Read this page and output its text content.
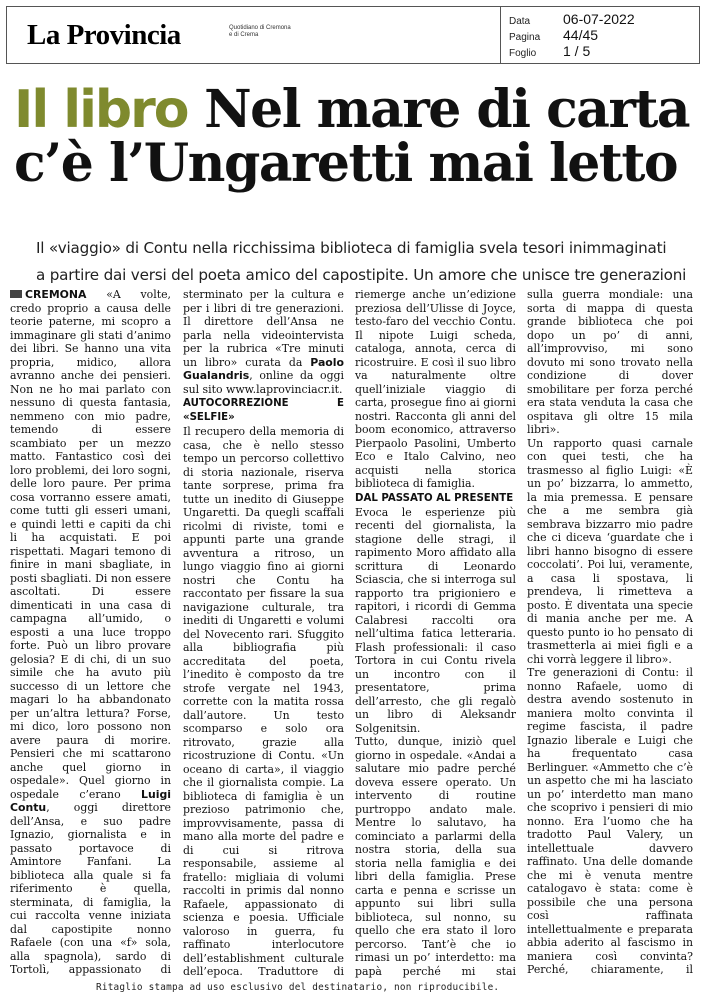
La Provincia	Quotidiano di Cremona
e di Crema
Data	06-07-2022
Pagina	44/45
Foglio	1 / 5
Il libro Nel mare di carta
c’è l’Ungaretti mai letto
Il «viaggio» di Contu nella ricchissima biblioteca di famiglia svela tesori inimmaginati
a partire dai versi del poeta amico del capostipite. Un amore che unisce tre generazioni

CREMONA «A volte, credo proprio a causa delle teorie paterne, mi scopro a immaginare gli stati d’animo dei libri. Se hanno una vita propria, midico, allora avranno anche dei pensieri. Non ne ho mai parlato con nessuno di questa fantasia, nemmeno con mio padre, temendo di essere scambiato per un mezzo matto. Fantastico così dei loro problemi, dei loro sogni, delle loro paure. Per prima cosa vorranno essere amati, come tutti gli esseri umani, e quindi letti e capiti da chi li ha acquistati. E poi rispettati. Magari temono di finire in mani sbagliate, in posti sbagliati. Di non essere ascoltati. Di essere dimenticati in una casa di campagna all’umido, o esposti a una luce troppo forte. Può un libro provare gelosia? E di chi, di un suo simile che ha avuto più successo di un lettore che magari lo ha abbandonato per un’altra lettura? Forse, mi dico, loro possono non avere paura di morire. Pensieri che mi scattarono anche quel giorno in ospedale». Quel giorno in ospedale c’erano Luigi Contu, oggi direttore dell’Ansa, e suo padre Ignazio, giornalista e in passato portavoce di Amintore Fanfani. La biblioteca alla quale si fa riferimento è quella, sterminata, di famiglia, la cui raccolta venne iniziata dal capostipite nonno Rafaele (con una «f» sola, alla spagnola), sardo di Tortolì, appassionato di

sterminato per la cultura e per i libri di tre generazioni. Il direttore dell’Ansa ne parla nella videointervista per la rubrica «Tre minuti un libro» curata da Paolo Gualandris, online da oggi sul sito www.laprovinciacr.it.

AUTOCORREZIONE E «SELFIE»

Il recupero della memoria di casa, che è nello stesso tempo un percorso collettivo di storia nazionale, riserva tante sorprese, prima fra tutte un inedito di Giuseppe Ungaretti. Da quegli scaffali ricolmi di riviste, tomi e appunti parte una grande avventura a ritroso, un lungo viaggio fino ai giorni nostri che Contu ha raccontato per fissare la sua navigazione culturale, tra inediti di Ungaretti e volumi del Novecento rari. Sfuggito alla bibliografia più accreditata del poeta, l’inedito è composto da tre strofe vergate nel 1943, corrette con la matita rossa dall’autore. Un testo scomparso e solo ora ritrovato, grazie alla ricostruzione di Contu. «Un oceano di carta», il viaggio che il giornalista compie. La biblioteca di famiglia è un prezioso patrimonio che, improvvisamente, passa di mano alla morte del padre e di cui si ritrova responsabile, assieme al fratello: migliaia di volumi raccolti in primis dal nonno Rafaele, appassionato di scienza e poesia. Ufficiale valoroso in guerra, fu raffinato interlocutore dell’establishment culturale dell’epoca. Traduttore di

riemerge anche un’edizione preziosa dell’Ulisse di Joyce, testo-faro del vecchio Contu. Il nipote Luigi scheda, cataloga, annota, cerca di ricostruire. E così il suo libro va naturalmente oltre quell’iniziale viaggio di carta, prosegue fino ai giorni nostri. Racconta gli anni del boom economico, attraverso Pierpaolo Pasolini, Umberto Eco e Italo Calvino, neo acquisti nella storica biblioteca di famiglia.

DAL PASSATO AL PRESENTE

Evoca le esperienze più recenti del giornalista, la stagione delle stragi, il rapimento Moro affidato alla scrittura di Leonardo Sciascia, che si interroga sul rapporto tra prigioniero e rapitori, i ricordi di Gemma Calabresi raccolti ora nell’ultima fatica letteraria. Flash professionali: il caso Tortora in cui Contu rivela un incontro con il presentatore, prima dell’arresto, che gli regalò un libro di Aleksandr Solgenitsin.

Tutto, dunque, iniziò quel giorno in ospedale. «Andai a salutare mio padre perché doveva essere operato. Un intervento di routine purtroppo andato male. Mentre lo salutavo, ha cominciato a parlarmi della nostra storia, della sua storia nella famiglia e dei libri della famiglia. Prese carta e penna e scrisse un appunto sui libri sulla biblioteca, sul nonno, su quello che era stato il loro percorso. Tant’è che io rimasi un po’ interdetto: ma papà perché mi stai

sulla guerra mondiale: una sorta di mappa di questa grande biblioteca che poi dopo un po’ di anni, all’improvviso, mi sono dovuto mi sono trovato nella condizione di dover smobilitare per forza perché era stata venduta la casa che ospitava gli oltre 15 mila libri».

Un rapporto quasi carnale con quei testi, che ha trasmesso al figlio Luigi: «È un po’ bizzarra, lo ammetto, la mia premessa. E pensare che a me sembra già sembrava bizzarro mio padre che ci diceva ‘guardate che i libri hanno bisogno di essere coccolati’. Poi lui, veramente, a casa li spostava, li prendeva, li rimetteva a posto. È diventata una specie di mania anche per me. A questo punto io ho pensato di trasmetterla ai miei figli e a chi vorrà leggere il libro».

Tre generazioni di Contu: il nonno Rafaele, uomo di destra avendo sostenuto in maniera molto convinta il regime fascista, il padre Ignazio liberale e Luigi che ha frequentato casa Berlinguer. «Ammetto che c’è un aspetto che mi ha lasciato un po’ interdetto man mano che scoprivo i pensieri di mio nonno. Era l’uomo che ha tradotto Paul Valery, un intellettuale davvero raffinato. Una delle domande che mi è venuta mentre catalogavo è stata: come è possibile che una persona così raffinata intellettualmente e preparata abbia aderito al fascismo in maniera così convinta? Perché, chiaramente, il

Ritaglio stampa ad uso esclusivo del destinatario, non riproducibile.
